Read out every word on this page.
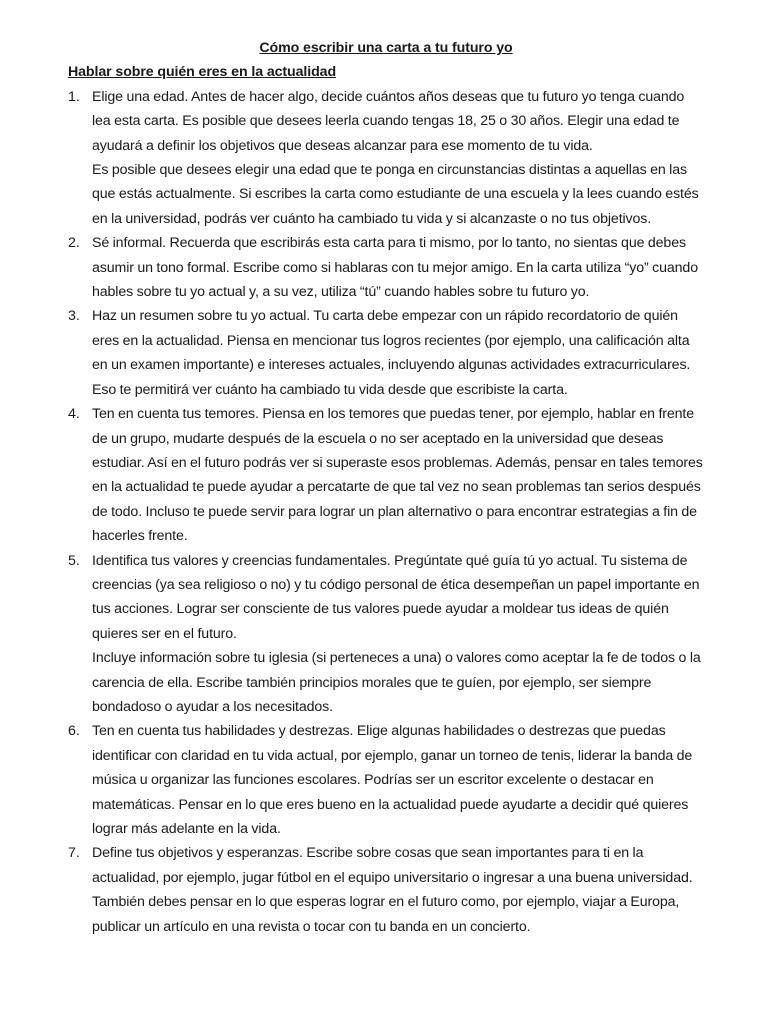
Cómo escribir una carta a tu futuro yo

Hablar sobre quién eres en la actualidad

1. Elige una edad. Antes de hacer algo, decide cuántos años deseas que tu futuro yo tenga cuando lea esta carta. Es posible que desees leerla cuando tengas 18, 25 o 30 años. Elegir una edad te ayudará a definir los objetivos que deseas alcanzar para ese momento de tu vida.
Es posible que desees elegir una edad que te ponga en circunstancias distintas a aquellas en las que estás actualmente. Si escribes la carta como estudiante de una escuela y la lees cuando estés en la universidad, podrás ver cuánto ha cambiado tu vida y si alcanzaste o no tus objetivos.
2. Sé informal. Recuerda que escribirás esta carta para ti mismo, por lo tanto, no sientas que debes asumir un tono formal. Escribe como si hablaras con tu mejor amigo. En la carta utiliza “yo” cuando hables sobre tu yo actual y, a su vez, utiliza “tú” cuando hables sobre tu futuro yo.
3. Haz un resumen sobre tu yo actual. Tu carta debe empezar con un rápido recordatorio de quién eres en la actualidad. Piensa en mencionar tus logros recientes (por ejemplo, una calificación alta en un examen importante) e intereses actuales, incluyendo algunas actividades extracurriculares. Eso te permitirá ver cuánto ha cambiado tu vida desde que escribiste la carta.
4. Ten en cuenta tus temores. Piensa en los temores que puedas tener, por ejemplo, hablar en frente de un grupo, mudarte después de la escuela o no ser aceptado en la universidad que deseas estudiar. Así en el futuro podrás ver si superaste esos problemas. Además, pensar en tales temores en la actualidad te puede ayudar a percatarte de que tal vez no sean problemas tan serios después de todo. Incluso te puede servir para lograr un plan alternativo o para encontrar estrategias a fin de hacerles frente.
5. Identifica tus valores y creencias fundamentales. Pregúntate qué guía tú yo actual. Tu sistema de creencias (ya sea religioso o no) y tu código personal de ética desempeñan un papel importante en tus acciones. Lograr ser consciente de tus valores puede ayudar a moldear tus ideas de quién quieres ser en el futuro.
Incluye información sobre tu iglesia (si perteneces a una) o valores como aceptar la fe de todos o la carencia de ella. Escribe también principios morales que te guíen, por ejemplo, ser siempre bondadoso o ayudar a los necesitados.
6. Ten en cuenta tus habilidades y destrezas. Elige algunas habilidades o destrezas que puedas identificar con claridad en tu vida actual, por ejemplo, ganar un torneo de tenis, liderar la banda de música u organizar las funciones escolares. Podrías ser un escritor excelente o destacar en matemáticas. Pensar en lo que eres bueno en la actualidad puede ayudarte a decidir qué quieres lograr más adelante en la vida.
7. Define tus objetivos y esperanzas. Escribe sobre cosas que sean importantes para ti en la actualidad, por ejemplo, jugar fútbol en el equipo universitario o ingresar a una buena universidad. También debes pensar en lo que esperas lograr en el futuro como, por ejemplo, viajar a Europa, publicar un artículo en una revista o tocar con tu banda en un concierto.
